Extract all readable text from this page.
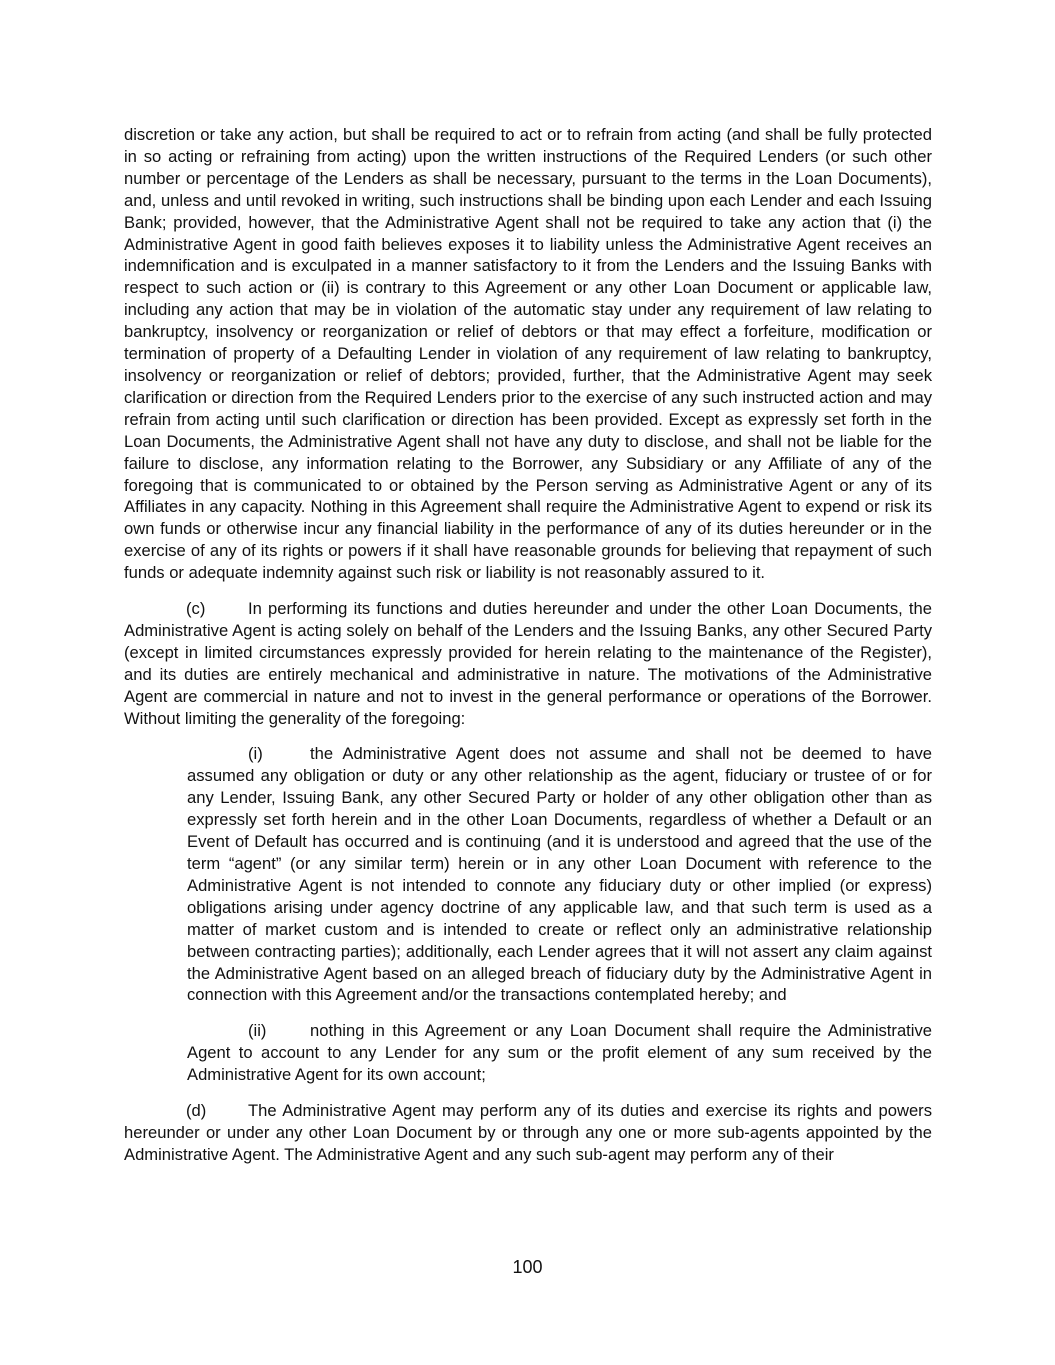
discretion or take any action, but shall be required to act or to refrain from acting (and shall be fully protected in so acting or refraining from acting) upon the written instructions of the Required Lenders (or such other number or percentage of the Lenders as shall be necessary, pursuant to the terms in the Loan Documents), and, unless and until revoked in writing, such instructions shall be binding upon each Lender and each Issuing Bank; provided, however, that the Administrative Agent shall not be required to take any action that (i) the Administrative Agent in good faith believes exposes it to liability unless the Administrative Agent receives an indemnification and is exculpated in a manner satisfactory to it from the Lenders and the Issuing Banks with respect to such action or (ii) is contrary to this Agreement or any other Loan Document or applicable law, including any action that may be in violation of the automatic stay under any requirement of law relating to bankruptcy, insolvency or reorganization or relief of debtors or that may effect a forfeiture, modification or termination of property of a Defaulting Lender in violation of any requirement of law relating to bankruptcy, insolvency or reorganization or relief of debtors; provided, further, that the Administrative Agent may seek clarification or direction from the Required Lenders prior to the exercise of any such instructed action and may refrain from acting until such clarification or direction has been provided. Except as expressly set forth in the Loan Documents, the Administrative Agent shall not have any duty to disclose, and shall not be liable for the failure to disclose, any information relating to the Borrower, any Subsidiary or any Affiliate of any of the foregoing that is communicated to or obtained by the Person serving as Administrative Agent or any of its Affiliates in any capacity. Nothing in this Agreement shall require the Administrative Agent to expend or risk its own funds or otherwise incur any financial liability in the performance of any of its duties hereunder or in the exercise of any of its rights or powers if it shall have reasonable grounds for believing that repayment of such funds or adequate indemnity against such risk or liability is not reasonably assured to it.

(c)	In performing its functions and duties hereunder and under the other Loan Documents, the Administrative Agent is acting solely on behalf of the Lenders and the Issuing Banks, any other Secured Party (except in limited circumstances expressly provided for herein relating to the maintenance of the Register), and its duties are entirely mechanical and administrative in nature. The motivations of the Administrative Agent are commercial in nature and not to invest in the general performance or operations of the Borrower. Without limiting the generality of the foregoing:

(i)	the Administrative Agent does not assume and shall not be deemed to have assumed any obligation or duty or any other relationship as the agent, fiduciary or trustee of or for any Lender, Issuing Bank, any other Secured Party or holder of any other obligation other than as expressly set forth herein and in the other Loan Documents, regardless of whether a Default or an Event of Default has occurred and is continuing (and it is understood and agreed that the use of the term “agent” (or any similar term) herein or in any other Loan Document with reference to the Administrative Agent is not intended to connote any fiduciary duty or other implied (or express) obligations arising under agency doctrine of any applicable law, and that such term is used as a matter of market custom and is intended to create or reflect only an administrative relationship between contracting parties); additionally, each Lender agrees that it will not assert any claim against the Administrative Agent based on an alleged breach of fiduciary duty by the Administrative Agent in connection with this Agreement and/or the transactions contemplated hereby; and

(ii)	nothing in this Agreement or any Loan Document shall require the Administrative Agent to account to any Lender for any sum or the profit element of any sum received by the Administrative Agent for its own account;

(d)	The Administrative Agent may perform any of its duties and exercise its rights and powers hereunder or under any other Loan Document by or through any one or more sub-agents appointed by the Administrative Agent. The Administrative Agent and any such sub-agent may perform any of their

100
